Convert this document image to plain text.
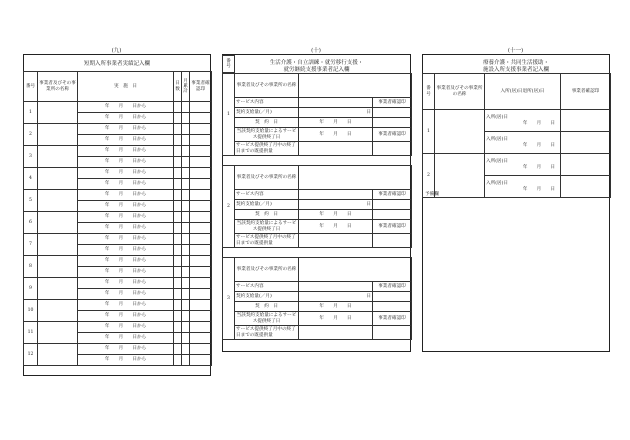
(九)
短期入所事業者実績記入欄
番号	事業者及びその事業所の名称	実　施　日	日数	月累計	事業者確認印
1		年　　月　　日から			
		年　　月　　日から			
2		年　　月　　日から			
		年　　月　　日から			
3		年　　月　　日から			
		年　　月　　日から			
4		年　　月　　日から			
		年　　月　　日から			
5		年　　月　　日から			
		年　　月　　日から			
6		年　　月　　日から			
		年　　月　　日から			
7		年　　月　　日から			
		年　　月　　日から			
8		年　　月　　日から			
		年　　月　　日から			
9		年　　月　　日から			
		年　　月　　日から			
10		年　　月　　日から			
		年　　月　　日から			
11		年　　月　　日から			
		年　　月　　日から			
12		年　　月　　日から			
		年　　月　　日から			
(十)
生活介護・自立訓練・就労移行支援・
就労継続支援事業者記入欄
番号	
1	事業者及びその事業所の名称		
	サービス内容		事業者確認印
	契約支給量(／月)	日	
	契　約　日	年　　月　　日	
	当該契約支給量によるサービス提供終了日	年　　月　　日	事業者確認印
	サービス提供終了月中の終了日までの既提供量		
2	事業者及びその事業所の名称		
	サービス内容		事業者確認印
	契約支給量(／月)	日	
	契　約　日	年　　月　　日	
	当該契約支給量によるサービス提供終了日	年　　月　　日	事業者確認印
	サービス提供終了月中の終了日までの既提供量		
3	事業者及びその事業所の名称		
	サービス内容		事業者確認印
	契約支給量(／月)	日	
	契　約　日	年　　月　　日	
	当該契約支給量によるサービス提供終了日	年　　月　　日	事業者確認印
	サービス提供終了月中の終了日までの既提供量		
(十一)
療養介護・共同生活援助・
施設入所支援事業者記入欄
番号	事業者及びその事業所の名称	入所(居)日退所(居)日	事業者確認印
1		入所(居)日
年　　月　　日	

		入所(居)日
年　　月　　日	

2		入所(居)日
年　　月　　日	

		入所(居)日
年　　月　　日	

予備欄
